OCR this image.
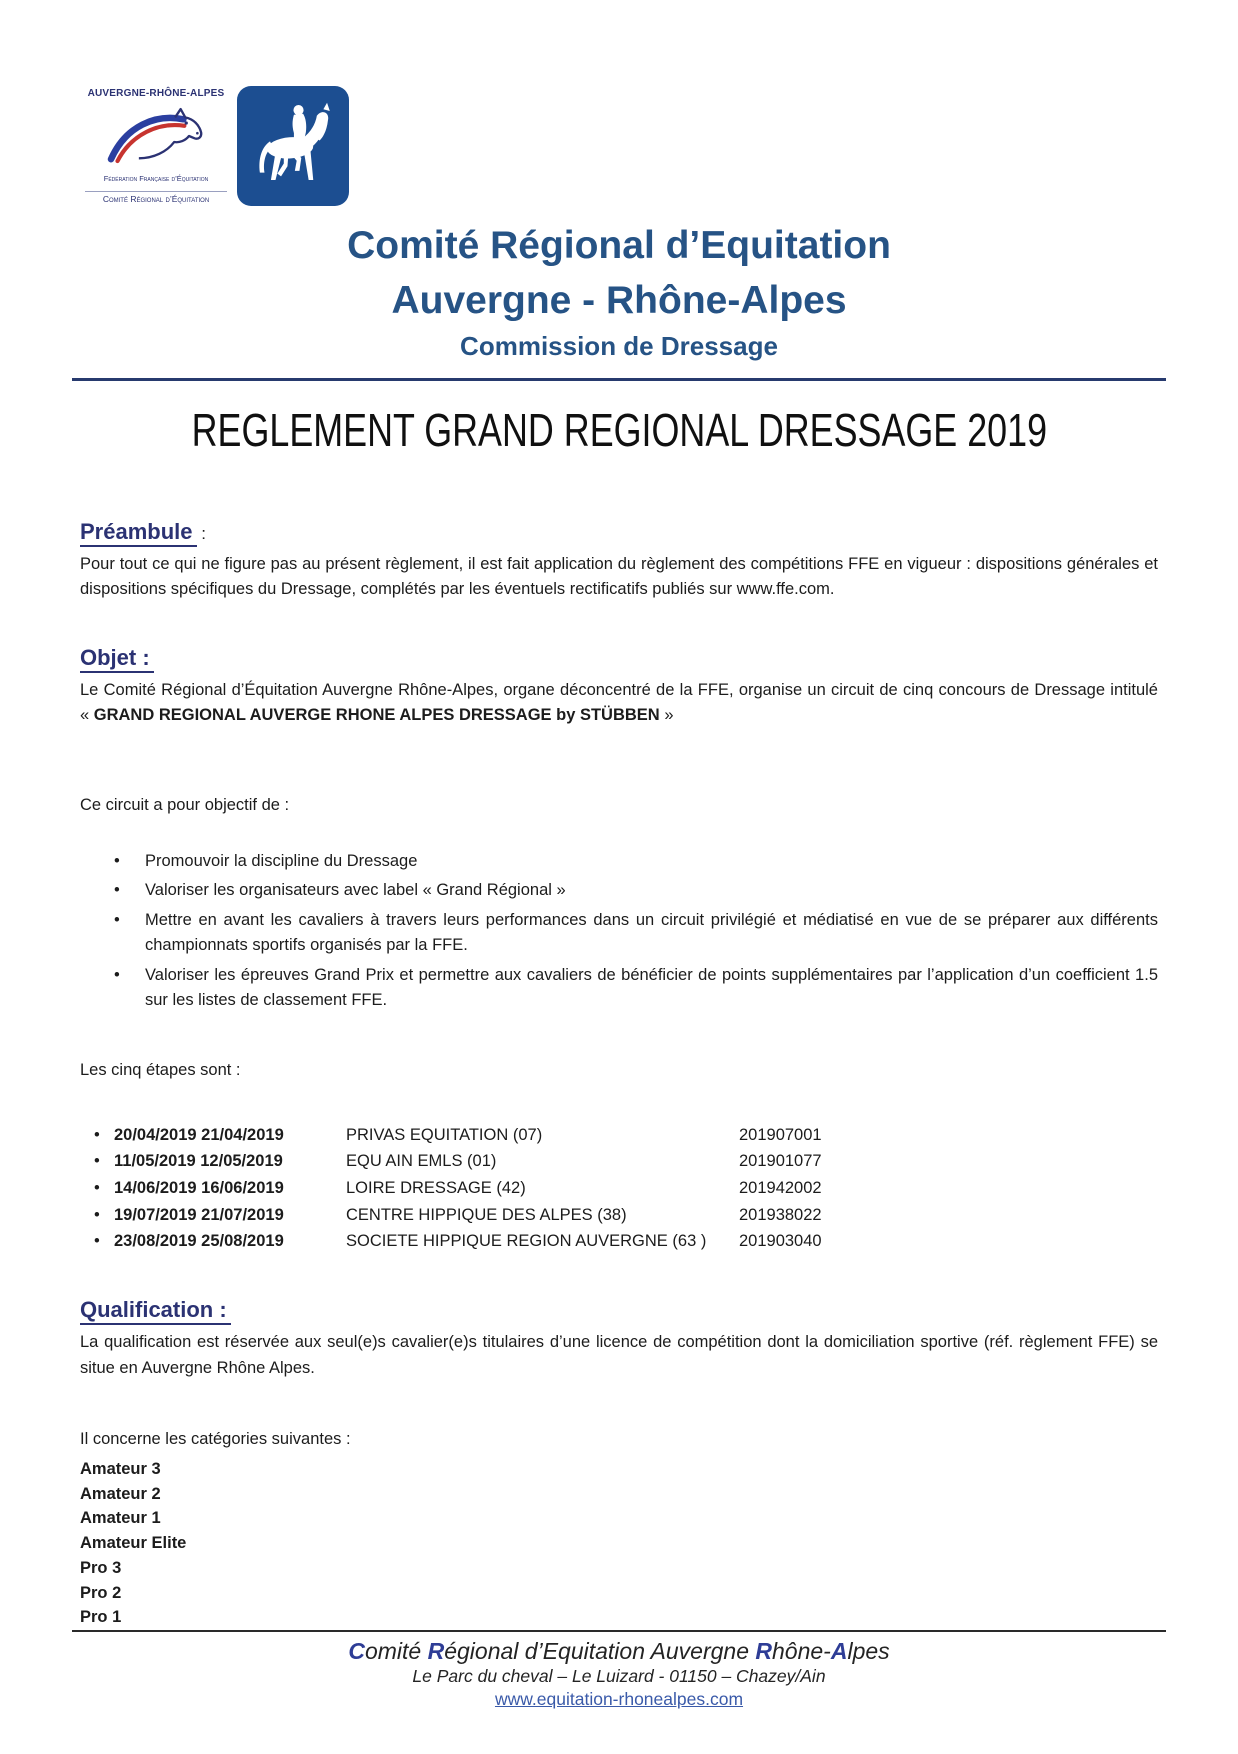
AUVERGNE-RHÔNE-ALPES
Fédération Française d’Équitation
Comité Régional d’Équitation
Comité Régional d’Equitation
Auvergne - Rhône-Alpes
Commission de Dressage
REGLEMENT GRAND REGIONAL DRESSAGE 2019
Préambule :

Pour tout ce qui ne figure pas au présent règlement, il est fait application du règlement des compétitions FFE en vigueur : dispositions générales et dispositions spécifiques du Dressage, complétés par les éventuels rectificatifs publiés sur www.ffe.com.

Objet :

Le Comité Régional d’Équitation Auvergne Rhône-Alpes, organe déconcentré de la FFE, organise un circuit de cinq concours de Dressage intitulé « GRAND REGIONAL AUVERGE RHONE ALPES DRESSAGE by STÜBBEN »

Ce circuit a pour objectif de :

• Promouvoir la discipline du Dressage
• Valoriser les organisateurs avec label « Grand Régional »
• Mettre en avant les cavaliers à travers leurs performances dans un circuit privilégié et médiatisé en vue de se préparer aux différents championnats sportifs organisés par la FFE.
• Valoriser les épreuves Grand Prix et permettre aux cavaliers de bénéficier de points supplémentaires par l’application d’un coefficient 1.5 sur les listes de classement FFE.

Les cinq étapes sont :

• 20/04/2019 21/04/2019	PRIVAS EQUITATION (07)	201907001
• 11/05/2019 12/05/2019	EQU AIN EMLS (01)	201901077
• 14/06/2019 16/06/2019	LOIRE DRESSAGE (42)	201942002
• 19/07/2019 21/07/2019	CENTRE HIPPIQUE DES ALPES (38)	201938022
• 23/08/2019 25/08/2019	SOCIETE HIPPIQUE REGION AUVERGNE (63 )	201903040
Qualification :

La qualification est réservée aux seul(e)s cavalier(e)s titulaires d’une licence de compétition dont la domiciliation sportive (réf. règlement FFE) se situe en Auvergne Rhône Alpes.

Il concerne les catégories suivantes :

Amateur 3
Amateur 2
Amateur 1
Amateur Elite
Pro 3
Pro 2
Pro 1
Comité Régional d’Equitation Auvergne Rhône-Alpes
Le Parc du cheval – Le Luizard - 01150 – Chazey/Ain
www.equitation-rhonealpes.com
